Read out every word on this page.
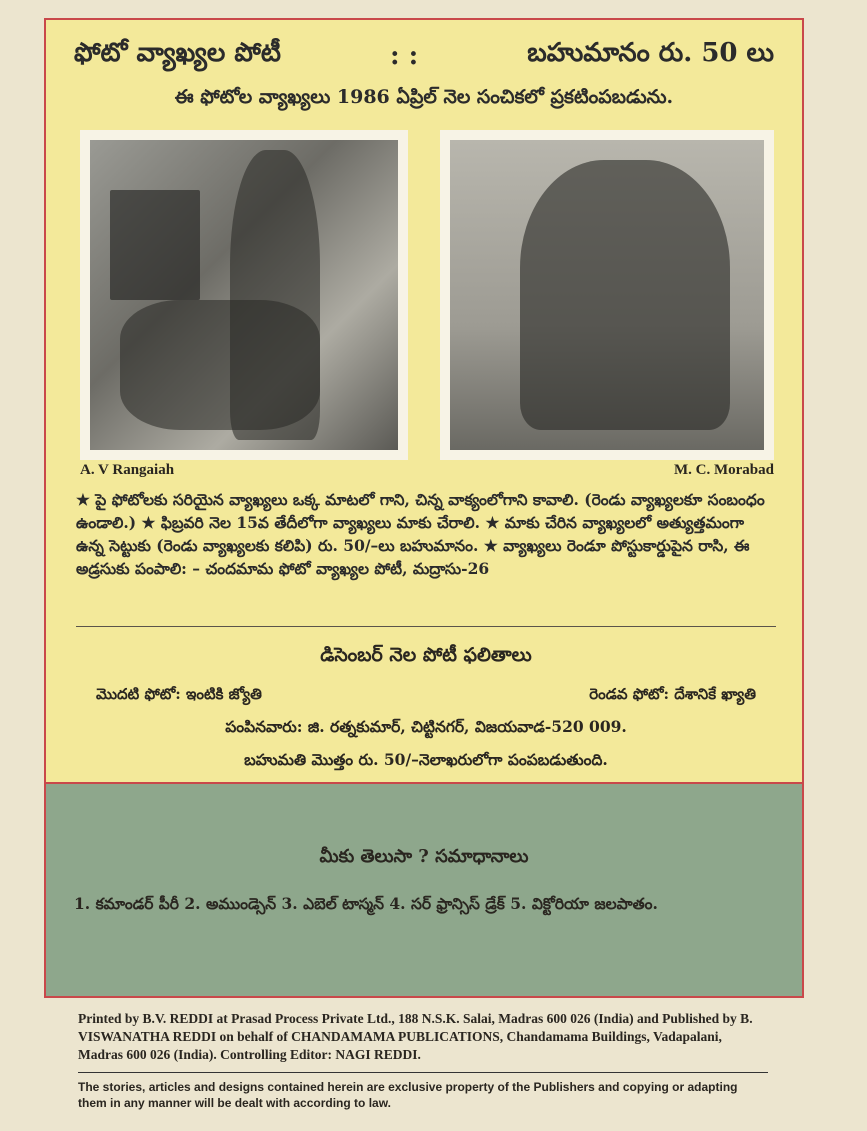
ఫోటో వ్యాఖ్యల పోటీ	: :	బహుమానం రు. 50 లు
ఈ ఫోటోల వ్యాఖ్యలు 1986 ఏప్రిల్ నెల సంచికలో ప్రకటింపబడును.
A. V Rangaiah	M. C. Morabad
★ పై ఫోటోలకు సరియైన వ్యాఖ్యలు ఒక్క మాటలో గాని, చిన్న వాక్యంలోగాని కావాలి. (రెండు వ్యాఖ్యలకూ సంబంధం ఉండాలి.) ★ ఫిబ్రవరి నెల 15వ తేదీలోగా వ్యాఖ్యలు మాకు చేరాలి. ★ మాకు చేరిన వ్యాఖ్యలలో అత్యుత్తమంగా ఉన్న సెట్టుకు (రెండు వ్యాఖ్యలకు కలిపి) రు. 50/–లు బహుమానం. ★ వ్యాఖ్యలు రెండూ పోస్టుకార్డుపైన రాసి, ఈ అడ్రసుకు పంపాలి: – చందమామ ఫోటో వ్యాఖ్యల పోటీ, మద్రాసు-26
డిసెంబర్ నెల పోటీ ఫలితాలు
మొదటి ఫోటో: ఇంటికి జ్యోతి	రెండవ ఫోటో: దేశానికే ఖ్యాతి

పంపినవారు: జి. రత్నకుమార్, చిట్టినగర్, విజయవాడ-520 009.

బహుమతి మొత్తం రు. 50/–నెలాఖరులోగా పంపబడుతుంది.

మీకు తెలుసా ? సమాధానాలు
1. కమాండర్ పీరీ 2. అముండ్సెన్ 3. ఎబెల్ టాస్మన్ 4. సర్ ఫ్రాన్సిస్ డ్రేక్ 5. విక్టోరియా జలపాతం.
Printed by B.V. REDDI at Prasad Process Private Ltd., 188 N.S.K. Salai, Madras 600 026 (India) and Published by B. VISWANATHA REDDI on behalf of CHANDAMAMA PUBLICATIONS, Chandamama Buildings, Vadapalani, Madras 600 026 (India). Controlling Editor: NAGI REDDI.
The stories, articles and designs contained herein are exclusive property of the Publishers and copying or adapting them in any manner will be dealt with according to law.
